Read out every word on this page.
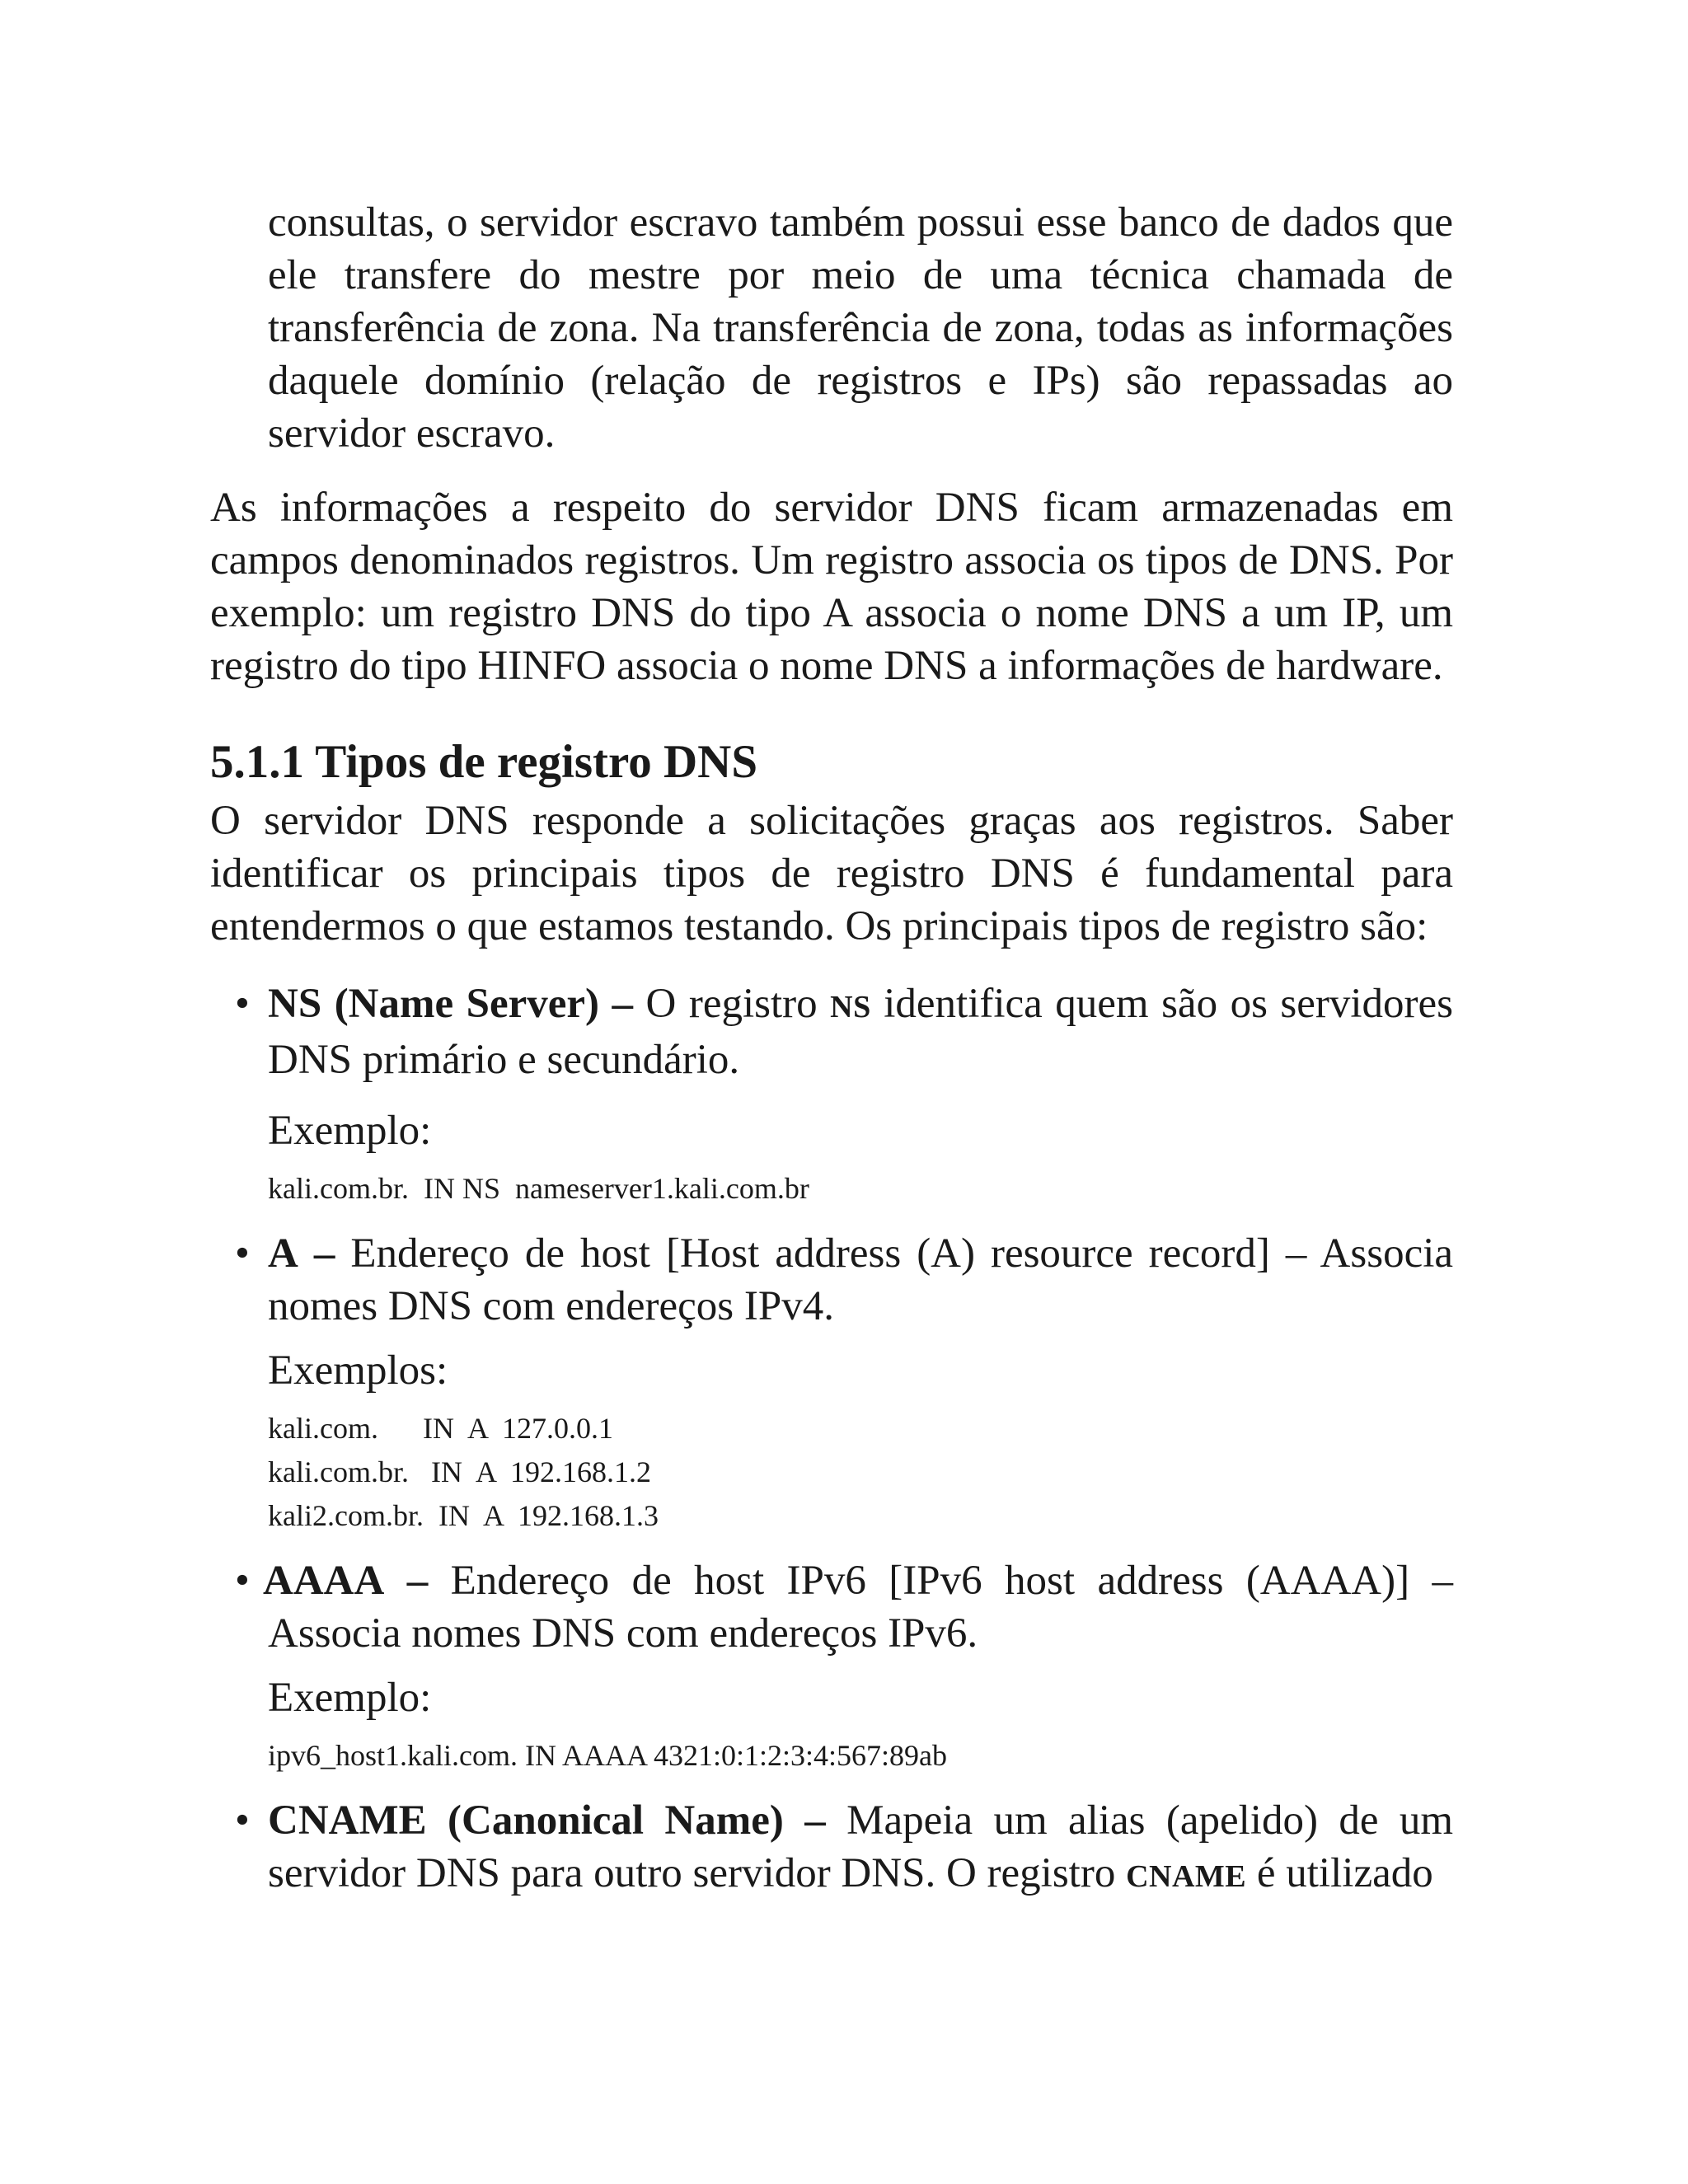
consultas, o servidor escravo também possui esse banco de dados que ele transfere do mestre por meio de uma técnica chamada de transferência de zona. Na transferência de zona, todas as informações daquele domínio (relação de registros e IPs) são repassadas ao servidor escravo.

As informações a respeito do servidor DNS ficam armazenadas em campos denominados registros. Um registro associa os tipos de DNS. Por exemplo: um registro DNS do tipo A associa o nome DNS a um IP, um registro do tipo HINFO associa o nome DNS a informações de hardware.

5.1.1 Tipos de registro DNS

O servidor DNS responde a solicitações graças aos registros. Saber identificar os principais tipos de registro DNS é fundamental para entendermos o que estamos testando. Os principais tipos de registro são:

• NS (Name Server) – O registro NS identifica quem são os servidores DNS primário e secundário.

Exemplo:

kali.com.br.  IN NS  nameserver1.kali.com.br

• A – Endereço de host [Host address (A) resource record] – Associa nomes DNS com endereços IPv4.

Exemplos:

kali.com.      IN  A  127.0.0.1

kali.com.br.   IN  A  192.168.1.2

kali2.com.br.  IN  A  192.168.1.3

• AAAA – Endereço de host IPv6 [IPv6 host address (AAAA)] – Associa nomes DNS com endereços IPv6.

Exemplo:

ipv6_host1.kali.com. IN AAAA 4321:0:1:2:3:4:567:89ab

• CNAME (Canonical Name) – Mapeia um alias (apelido) de um servidor DNS para outro servidor DNS. O registro CNAME é utilizado
